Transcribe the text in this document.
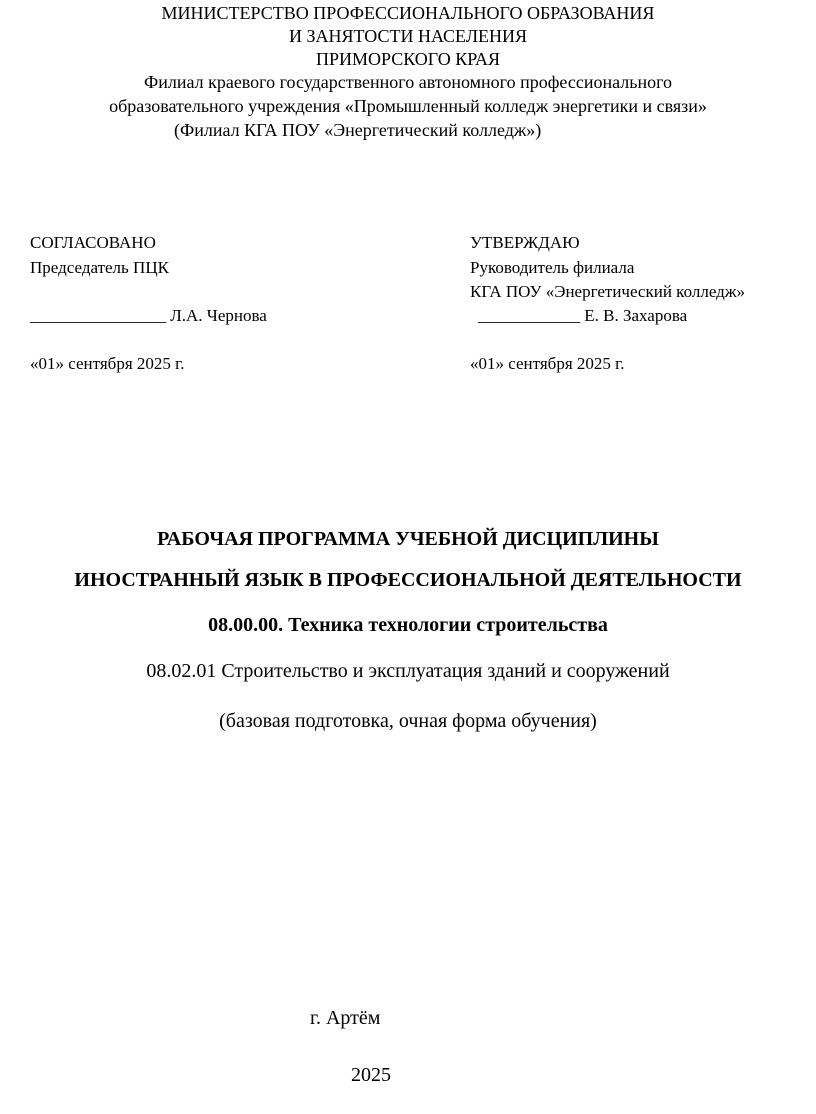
МИНИСТЕРСТВО ПРОФЕССИОНАЛЬНОГО ОБРАЗОВАНИЯ
И ЗАНЯТОСТИ НАСЕЛЕНИЯ
ПРИМОРСКОГО КРАЯ
Филиал краевого государственного автономного профессионального
образовательного учреждения «Промышленный колледж энергетики и связи»
(Филиал КГА ПОУ «Энергетический колледж»)
СОГЛАСОВАНО
Председатель ПЦК
________________ Л.А. Чернова
«01» сентября 2025 г.
УТВЕРЖДАЮ
Руководитель филиала
КГА ПОУ «Энергетический колледж»
____________ Е. В. Захарова
«01» сентября 2025 г.
РАБОЧАЯ ПРОГРАММА УЧЕБНОЙ ДИСЦИПЛИНЫ
ИНОСТРАННЫЙ ЯЗЫК В ПРОФЕССИОНАЛЬНОЙ ДЕЯТЕЛЬНОСТИ
08.00.00. Техника технологии строительства
08.02.01 Строительство и эксплуатация зданий и сооружений
(базовая подготовка, очная форма обучения)
г. Артём
2025
